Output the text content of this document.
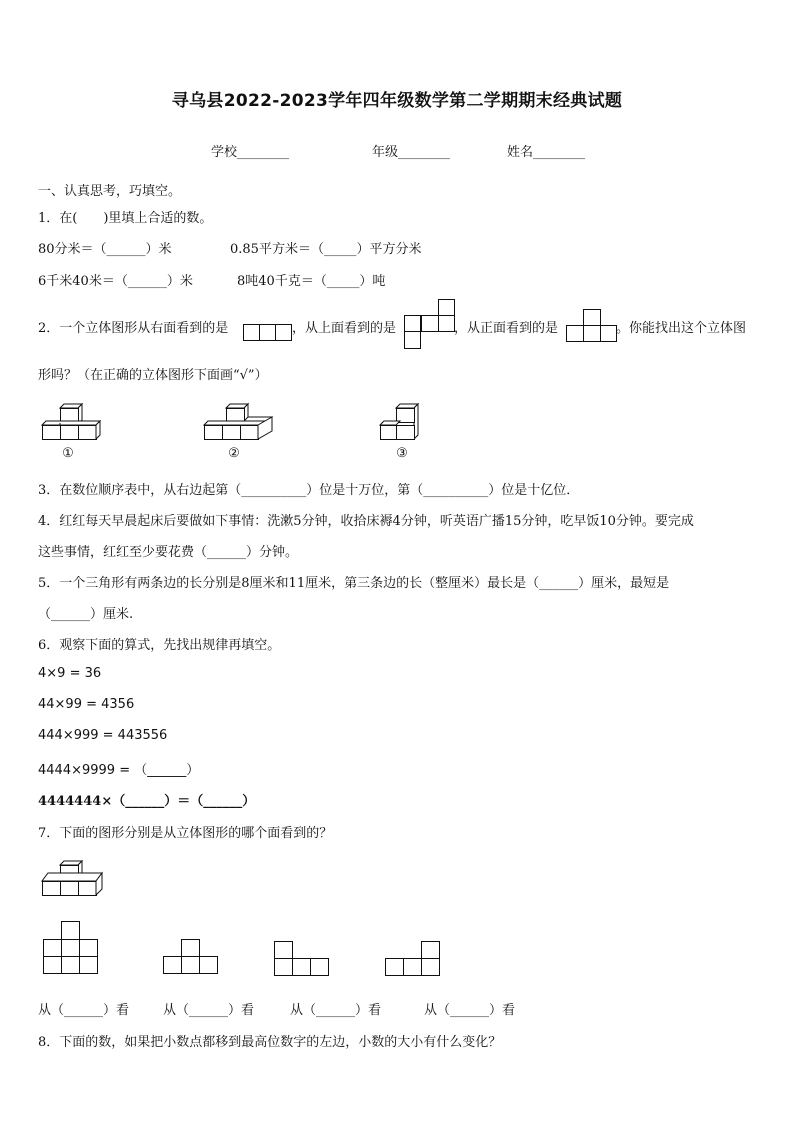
寻乌县2022-2023学年四年级数学第二学期期末经典试题
学校________	年级________	姓名________
一、认真思考，巧填空。
1．在(　　)里填上合适的数。
80分米＝（______）米	0.85平方米＝（_____）平方分米
6千米40米＝（______）米	8吨40千克＝（_____）吨
2．一个立体图形从右面看到的是	，从上面看到的是	，从正面看到的是	。你能找出这个立体图
形吗？（在正确的立体图形下面画“√”）
①	②	③
3．在数位顺序表中，从右边起第（__________）位是十万位，第（__________）位是十亿位．
4．红红每天早晨起床后要做如下事情：洗漱5分钟，收拾床褥4分钟，听英语广播15分钟，吃早饭10分钟。要完成
这些事情，红红至少要花费（______）分钟。
5．一个三角形有两条边的长分别是8厘米和11厘米，第三条边的长（整厘米）最长是（______）厘米，最短是
（______）厘米.
6．观察下面的算式，先找出规律再填空。
4×9 = 36
44×99 = 4356
444×999 = 443556
4444×9999 = （______）
4444444×（______）＝（______）
7．下面的图形分别是从立体图形的哪个面看到的？
从（______）看	从（______）看	从（______）看	从（______）看
8．下面的数，如果把小数点都移到最高位数字的左边，小数的大小有什么变化？
